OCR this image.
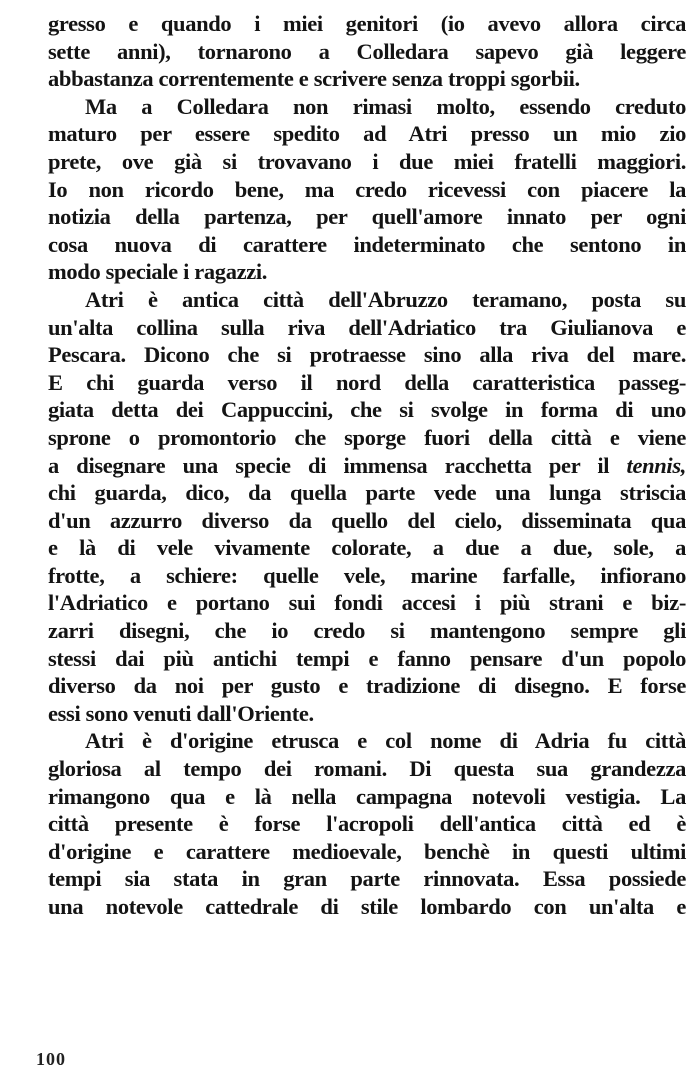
gresso e quando i miei genitori (io avevo allora circa
sette anni), tornarono a Colledara sapevo già leggere
abbastanza correntemente e scrivere senza troppi sgorbii.
Ma a Colledara non rimasi molto, essendo creduto
maturo per essere spedito ad Atri presso un mio zio
prete, ove già si trovavano i due miei fratelli maggiori.
Io non ricordo bene, ma credo ricevessi con piacere la
notizia della partenza, per quell'amore innato per ogni
cosa nuova di carattere indeterminato che sentono in
modo speciale i ragazzi.
Atri è antica città dell'Abruzzo teramano, posta su
un'alta collina sulla riva dell'Adriatico tra Giulianova e
Pescara. Dicono che si protraesse sino alla riva del mare.
E chi guarda verso il nord della caratteristica passeg-
giata detta dei Cappuccini, che si svolge in forma di uno
sprone o promontorio che sporge fuori della città e viene
a disegnare una specie di immensa racchetta per il tennis,
chi guarda, dico, da quella parte vede una lunga striscia
d'un azzurro diverso da quello del cielo, disseminata qua
e là di vele vivamente colorate, a due a due, sole, a
frotte, a schiere: quelle vele, marine farfalle, infiorano
l'Adriatico e portano sui fondi accesi i più strani e biz-
zarri disegni, che io credo si mantengono sempre gli
stessi dai più antichi tempi e fanno pensare d'un popolo
diverso da noi per gusto e tradizione di disegno. E forse
essi sono venuti dall'Oriente.
Atri è d'origine etrusca e col nome di Adria fu città
gloriosa al tempo dei romani. Di questa sua grandezza
rimangono qua e là nella campagna notevoli vestigia. La
città presente è forse l'acropoli dell'antica città ed è
d'origine e carattere medioevale, benchè in questi ultimi
tempi sia stata in gran parte rinnovata. Essa possiede
una notevole cattedrale di stile lombardo con un'alta e
100
